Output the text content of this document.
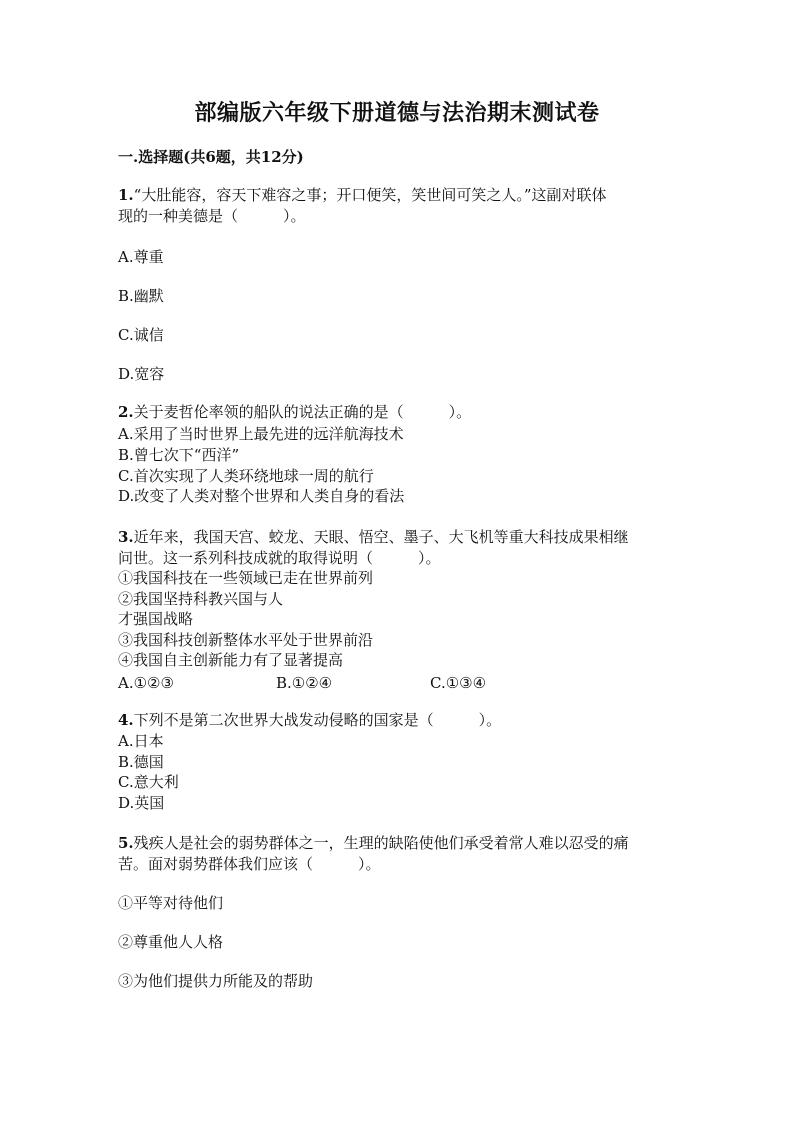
部编版六年级下册道德与法治期末测试卷
一.选择题(共6题，共12分)
1.“大肚能容，容天下难容之事；开口便笑，笑世间可笑之人。”这副对联体
现的一种美德是（　　　）。
A.尊重
B.幽默
C.诚信
D.宽容
2.关于麦哲伦率领的船队的说法正确的是（　　　）。
A.采用了当时世界上最先进的远洋航海技术
B.曾七次下“西洋”
C.首次实现了人类环绕地球一周的航行
D.改变了人类对整个世界和人类自身的看法
3.近年来，我国天宫、蛟龙、天眼、悟空、墨子、大飞机等重大科技成果相继
问世。这一系列科技成就的取得说明（　　　）。
①我国科技在一些领域已走在世界前列
②我国坚持科教兴国与人
才强国战略
③我国科技创新整体水平处于世界前沿
④我国自主创新能力有了显著提高
A.①②③	B.①②④	C.①③④
4.下列不是第二次世界大战发动侵略的国家是（　　　）。
A.日本
B.德国
C.意大利
D.英国
5.残疾人是社会的弱势群体之一，生理的缺陷使他们承受着常人难以忍受的痛
苦。面对弱势群体我们应该（　　　）。
①平等对待他们
②尊重他人人格
③为他们提供力所能及的帮助
